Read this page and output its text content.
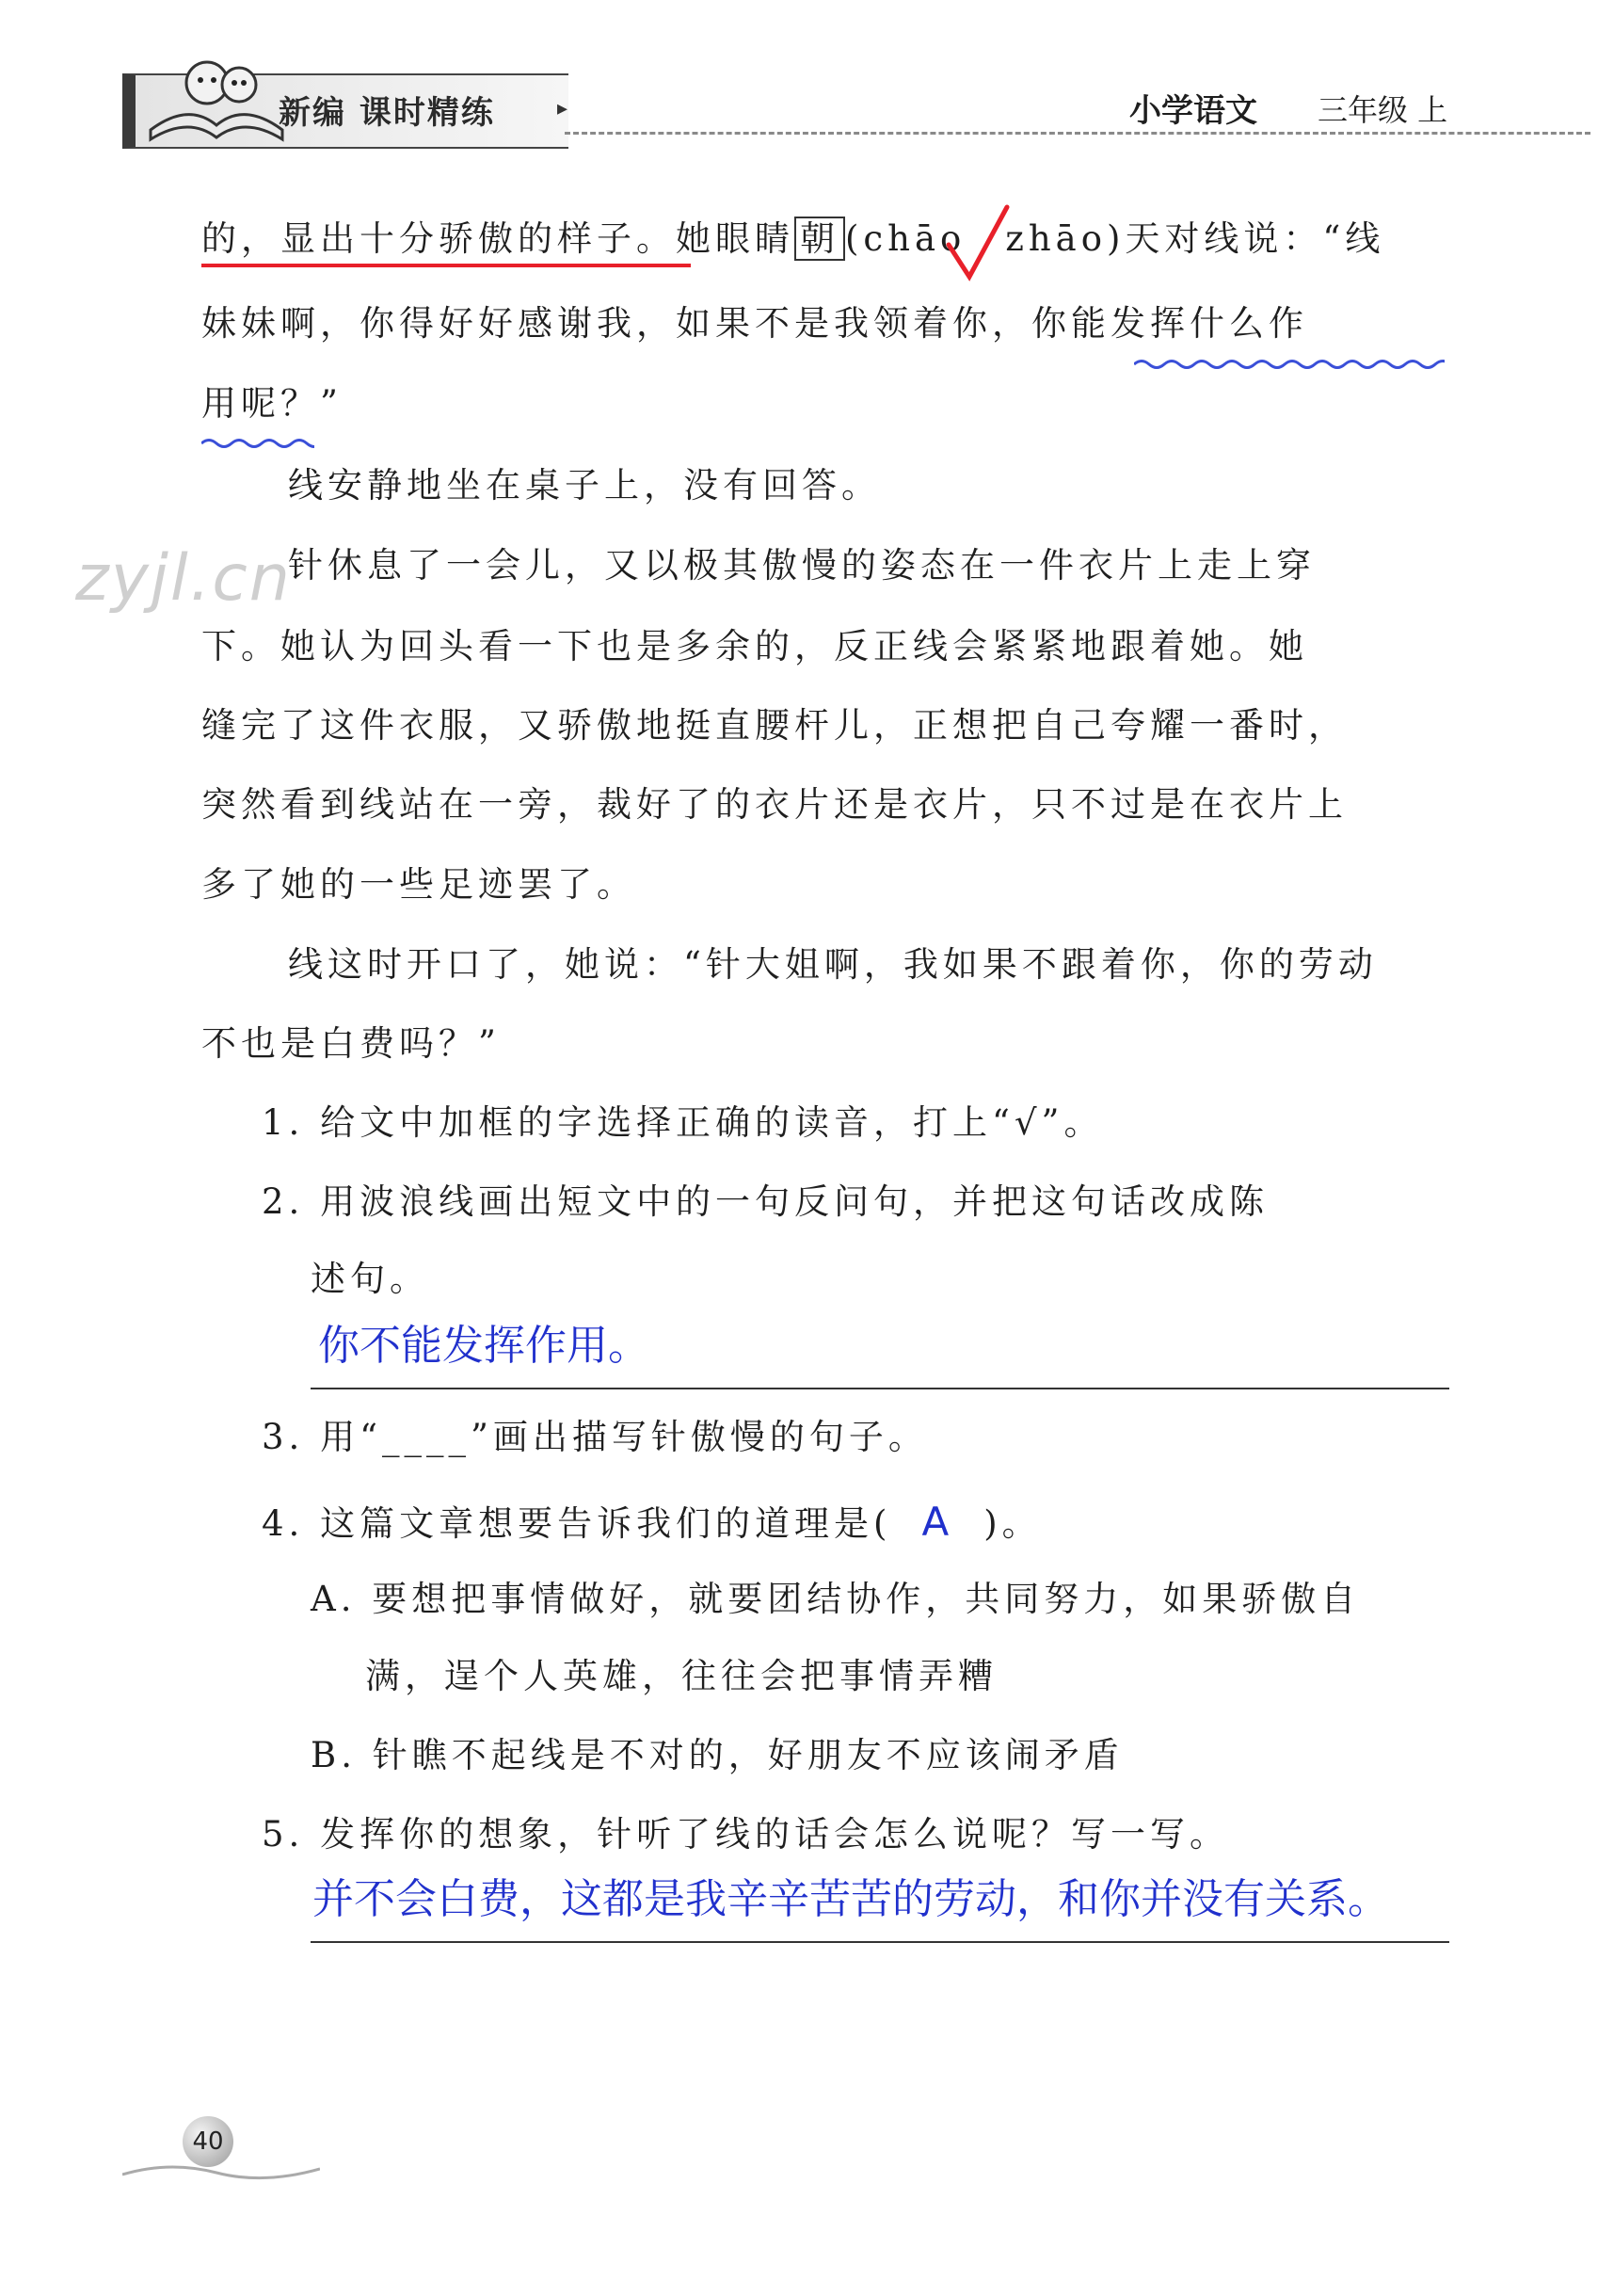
新编 课时精练	▸	小学语文 三年级 上
zyjl.cn
的，显出十分骄傲的样子。她眼睛 朝 (chāo　zhāo)天对线说：“线
妹妹啊，你得好好感谢我，如果不是我领着你，你能发挥什么作
用呢？”
线安静地坐在桌子上，没有回答。
针休息了一会儿，又以极其傲慢的姿态在一件衣片上走上穿
下。她认为回头看一下也是多余的，反正线会紧紧地跟着她。她
缝完了这件衣服，又骄傲地挺直腰杆儿，正想把自己夸耀一番时，
突然看到线站在一旁，裁好了的衣片还是衣片，只不过是在衣片上
多了她的一些足迹罢了。
线这时开口了，她说：“针大姐啊，我如果不跟着你，你的劳动
不也是白费吗？”
1. 给文中加框的字选择正确的读音，打上“√”。
2. 用波浪线画出短文中的一句反问句，并把这句话改成陈
述句。
你不能发挥作用。
3. 用“____”画出描写针傲慢的句子。
4. 这篇文章想要告诉我们的道理是( A )。
A. 要想把事情做好，就要团结协作，共同努力，如果骄傲自
满，逞个人英雄，往往会把事情弄糟
B. 针瞧不起线是不对的，好朋友不应该闹矛盾
5. 发挥你的想象，针听了线的话会怎么说呢？写一写。
并不会白费，这都是我辛辛苦苦的劳动，和你并没有关系。
40
